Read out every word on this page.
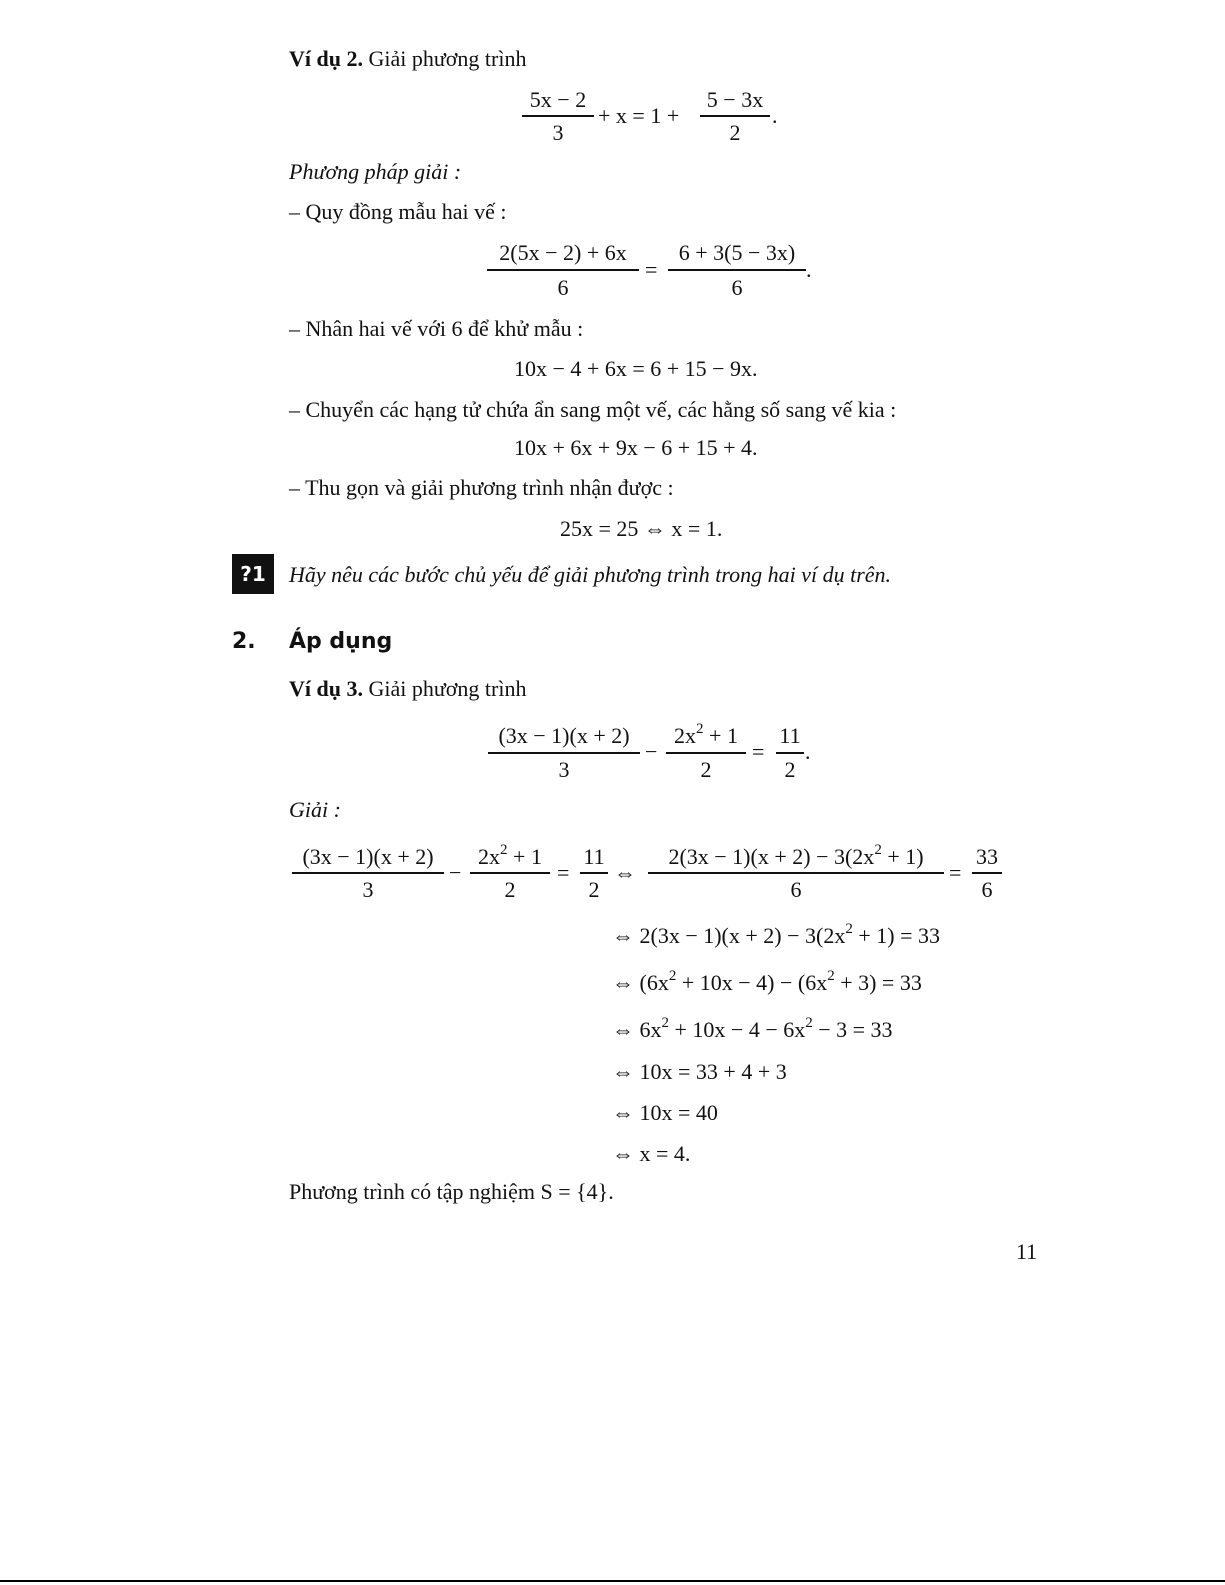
Ví dụ 2. Giải phương trình
5x − 2
3
+ x = 1 +
5 − 3x
2
.
Phương pháp giải :
– Quy đồng mẫu hai vế :
2(5x − 2) + 6x
6
=
6 + 3(5 − 3x)
6
.
– Nhân hai vế với 6 để khử mẫu :
10x − 4 + 6x = 6 + 15 − 9x.
– Chuyển các hạng tử chứa ẩn sang một vế, các hằng số sang vế kia :
10x + 6x + 9x − 6 + 15 + 4.
– Thu gọn và giải phương trình nhận được :
25x = 25 ⇔ x = 1.
?1	Hãy nêu các bước chủ yếu để giải phương trình trong hai ví dụ trên.
2. Áp dụng
Ví dụ 3. Giải phương trình
(3x − 1)(x + 2)
3
−
$2x^2 + 1$
2
=
11
2
.
Giải :
(3x − 1)(x + 2)
3
−
$2x^2 + 1$
2
=
11
2
⇔
$2(3x - 1)(x + 2) - 3(2x^2 + 1)$
6
=
33
6
⇔ $2(3x - 1)(x + 2) - 3(2x^2 + 1) = 33$
⇔ $(6x^2 + 10x - 4) - (6x^2 + 3) = 33$
⇔ $6x^2 + 10x - 4 - 6x^2 - 3 = 33$
⇔ 10x = 33 + 4 + 3
⇔ 10x = 40
⇔ x = 4.
Phương trình có tập nghiệm S = {4}.
11
